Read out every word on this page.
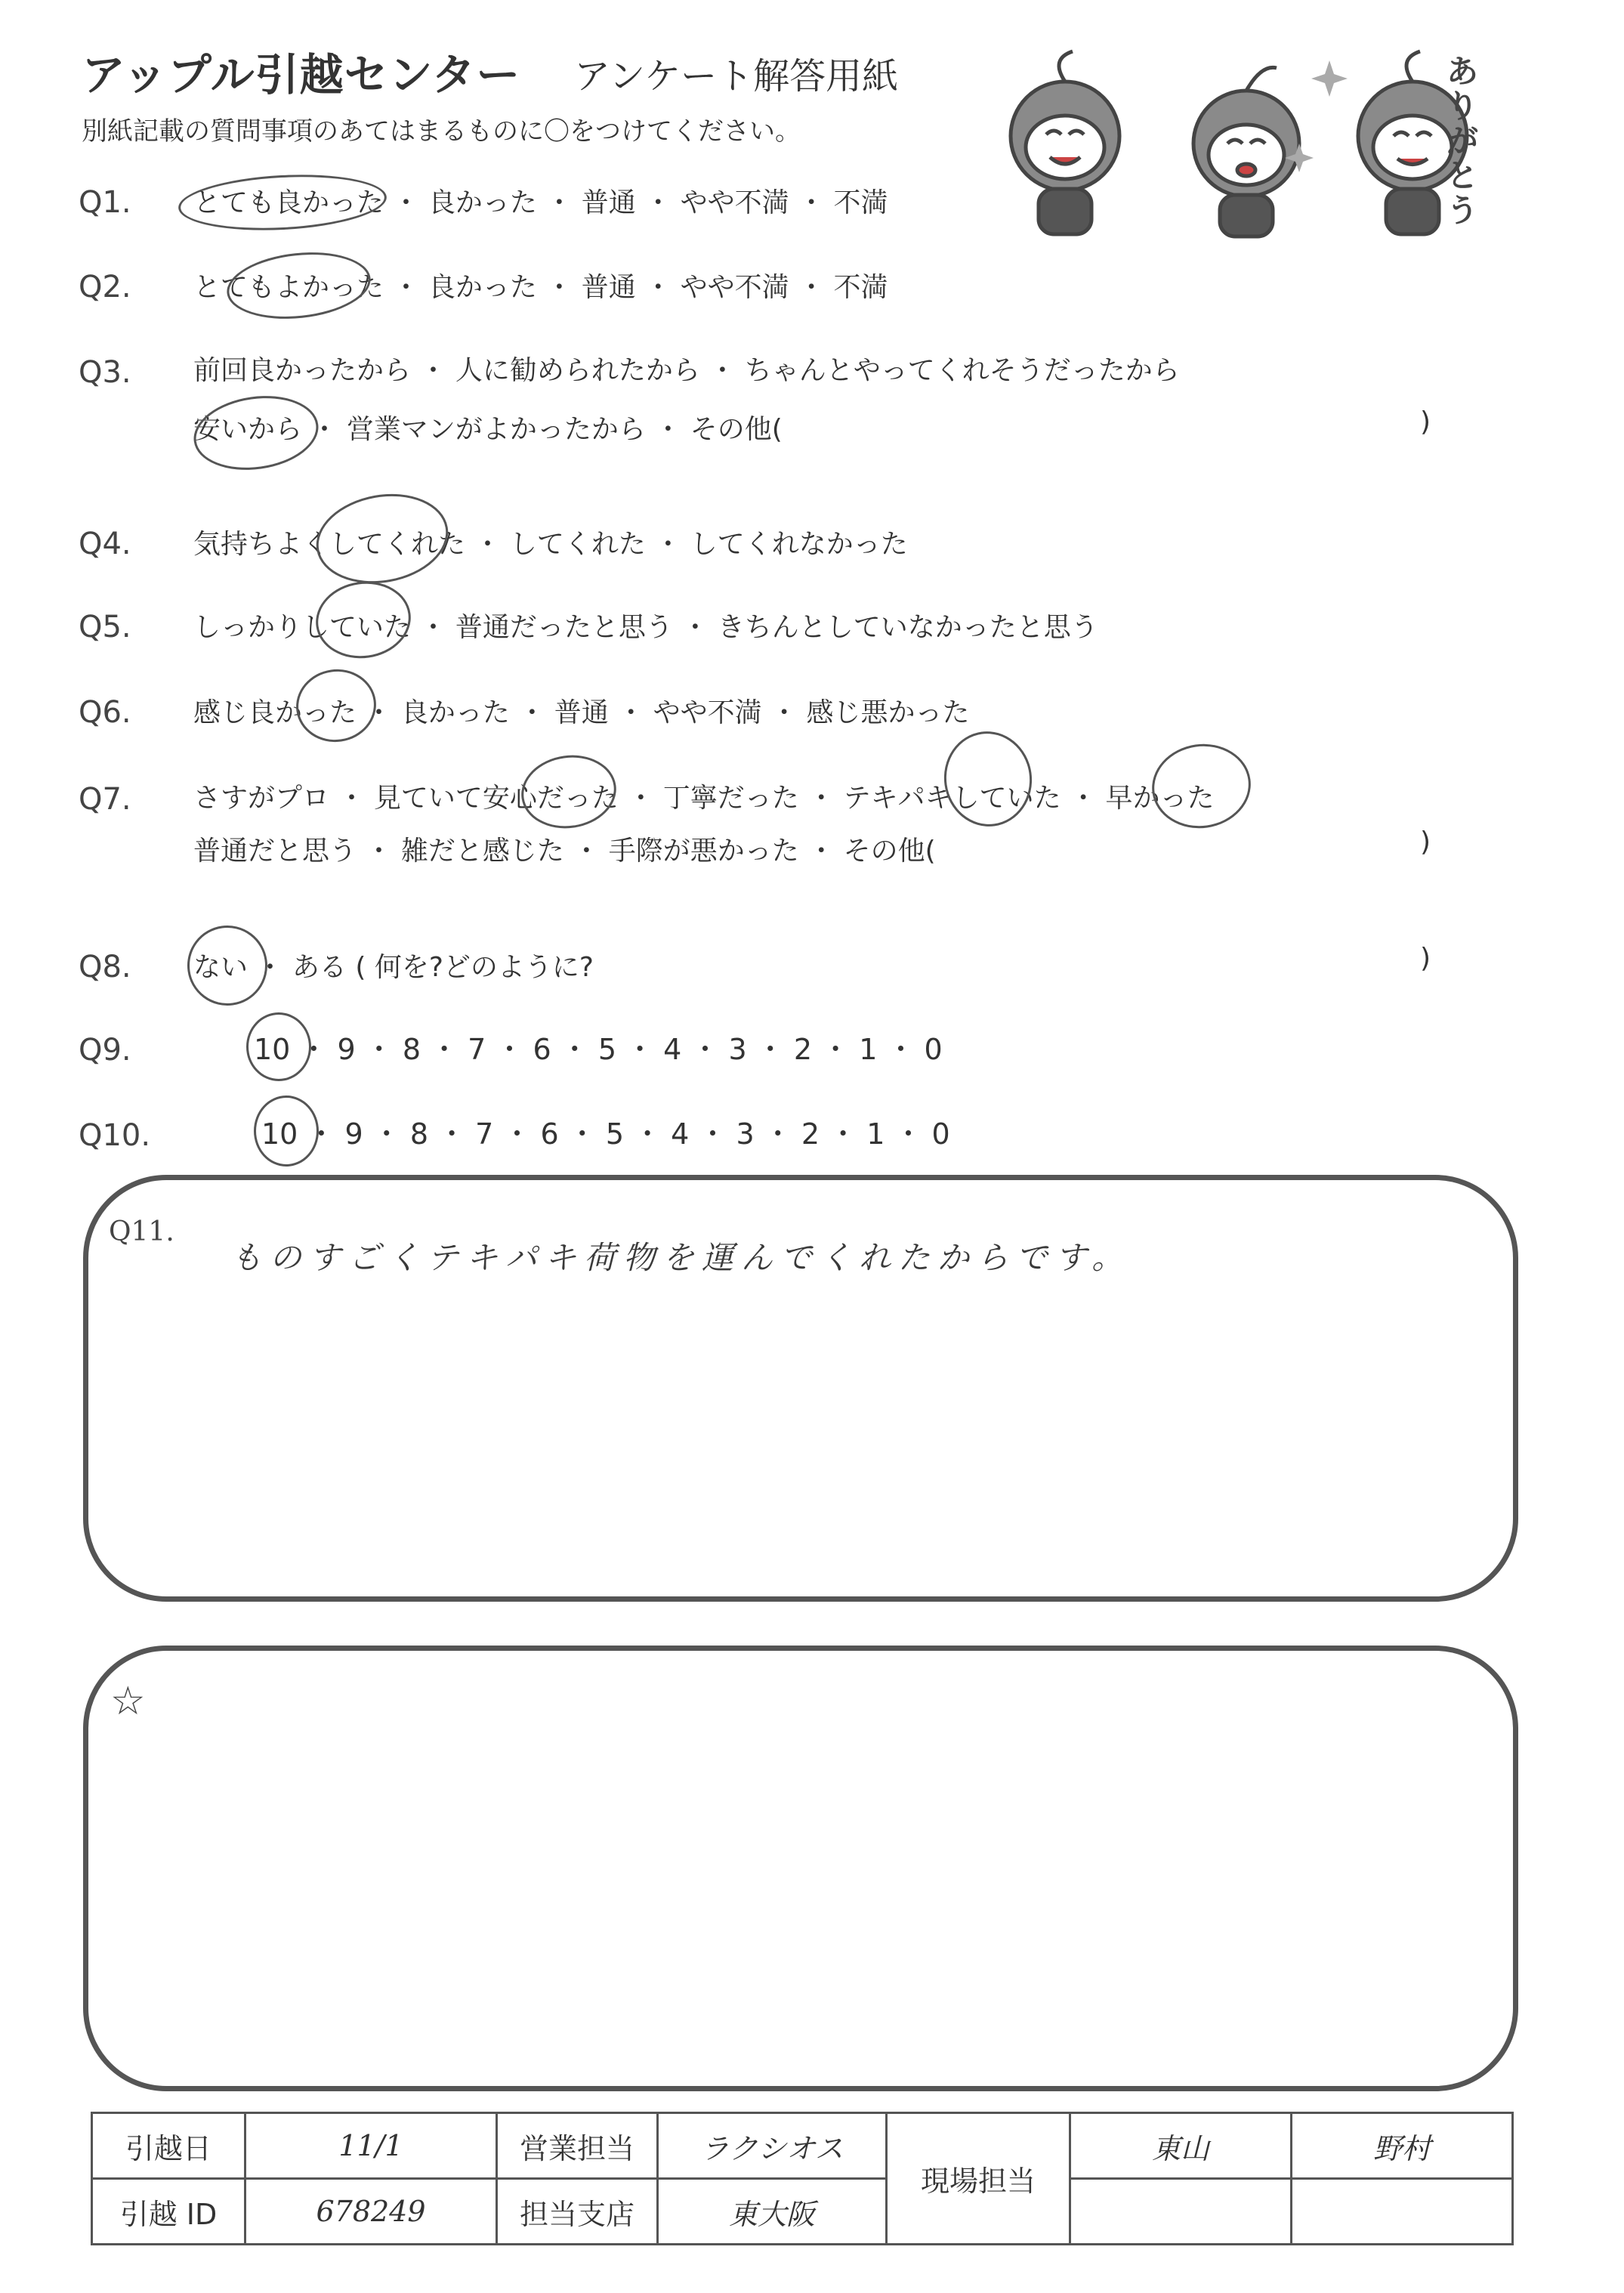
アップル引越センター アンケート解答用紙
別紙記載の質問事項のあてはまるものに〇をつけてください。
ありがとう
Q1. とても良かった ・ 良かった ・ 普通 ・ やや不満 ・ 不満
Q2. とてもよかった ・ 良かった ・ 普通 ・ やや不満 ・ 不満
Q3. 前回良かったから ・ 人に勧められたから ・ ちゃんとやってくれそうだったから
安いから ・ 営業マンがよかったから ・ その他(	)
Q4. 気持ちよくしてくれた ・ してくれた ・ してくれなかった
Q5. しっかりしていた ・ 普通だったと思う ・ きちんとしていなかったと思う
Q6. 感じ良かった ・ 良かった ・ 普通 ・ やや不満 ・ 感じ悪かった
Q7. さすがプロ ・ 見ていて安心だった ・ 丁寧だった ・ テキパキしていた ・ 早かった
普通だと思う ・ 雑だと感じた ・ 手際が悪かった ・ その他(	)
Q8. ない ・ ある ( 何を?どのように?	)
Q9.	10 ・ 9 ・ 8 ・ 7 ・ 6 ・ 5 ・ 4 ・ 3 ・ 2 ・ 1 ・ 0
Q10.	10 ・ 9 ・ 8 ・ 7 ・ 6 ・ 5 ・ 4 ・ 3 ・ 2 ・ 1 ・ 0
Q11.
ものすごくテキパキ荷物を運んでくれたからです。
☆
引越日	11/1	営業担当	ラクシオス	現場担当	東山	野村
引越 ID	678249	担当支店	東大阪			
